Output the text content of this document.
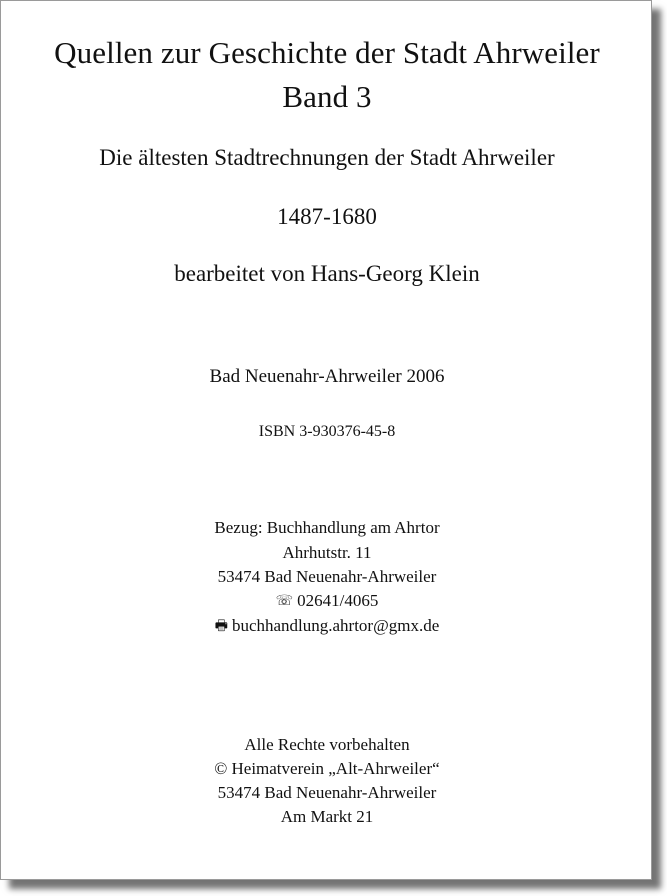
Quellen zur Geschichte der Stadt Ahrweiler
Band 3
Die ältesten Stadtrechnungen der Stadt Ahrweiler
1487-1680
bearbeitet von Hans-Georg Klein
Bad Neuenahr-Ahrweiler 2006
ISBN 3-930376-45-8
Bezug: Buchhandlung am Ahrtor
Ahrhutstr. 11
53474 Bad Neuenahr-Ahrweiler
☏ 02641/4065
🖶 buchhandlung.ahrtor@gmx.de
Alle Rechte vorbehalten
© Heimatverein „Alt-Ahrweiler“
53474 Bad Neuenahr-Ahrweiler
Am Markt 21
